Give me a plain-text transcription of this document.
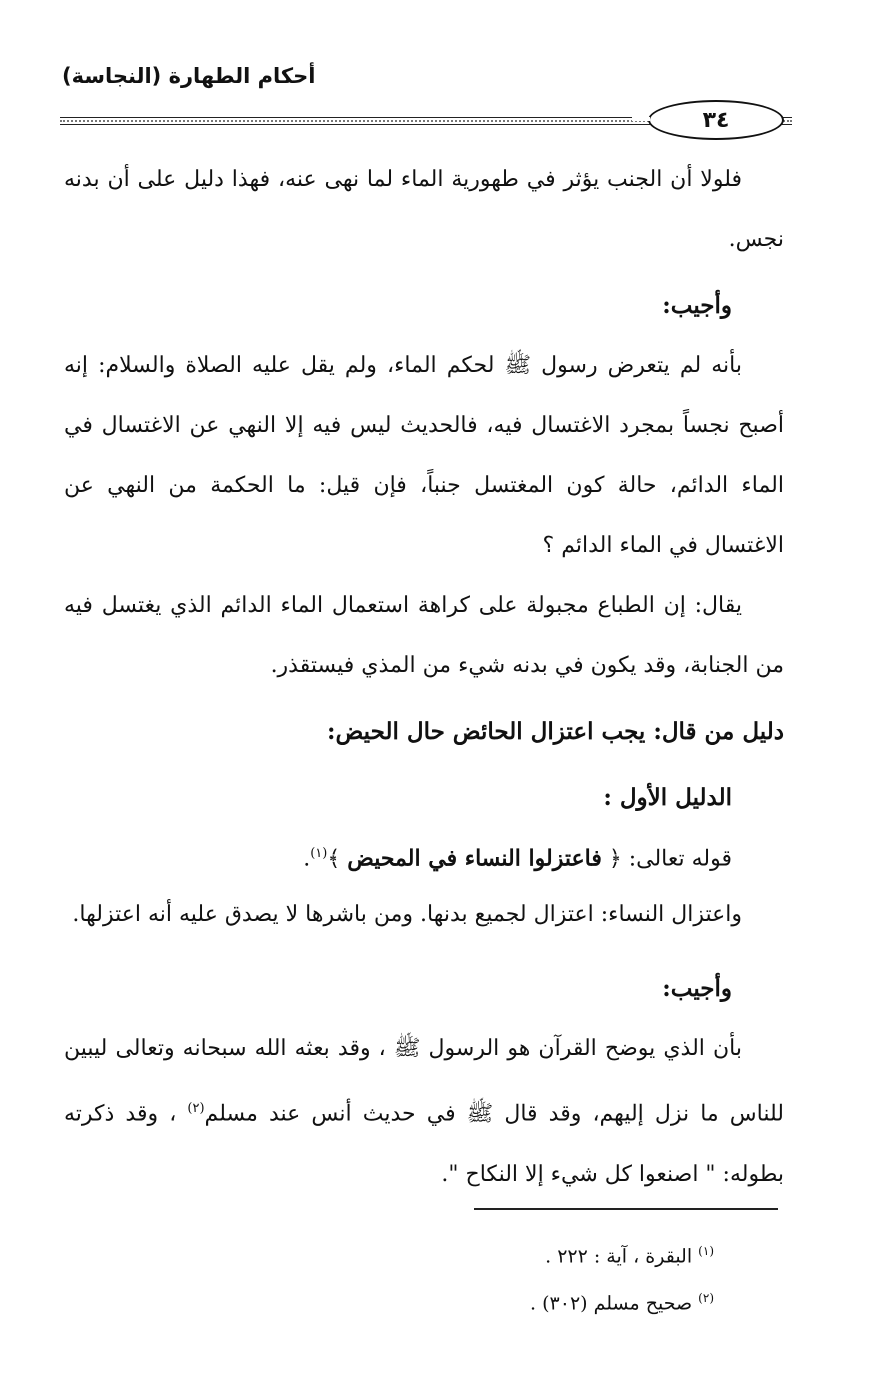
أحكام الطهارة (النجاسة)
٣٤

فلولا أن الجنب يؤثر في طهورية الماء لما نهى عنه، فهذا دليل على أن بدنه نجس.

وأجيب:

بأنه لم يتعرض رسول ﷺ لحكم الماء، ولم يقل عليه الصلاة والسلام: إنه أصبح نجساً بمجرد الاغتسال فيه، فالحديث ليس فيه إلا النهي عن الاغتسال في الماء الدائم، حالة كون المغتسل جنباً، فإن قيل: ما الحكمة من النهي عن الاغتسال في الماء الدائم ؟

يقال: إن الطباع مجبولة على كراهة استعمال الماء الدائم الذي يغتسل فيه من الجنابة، وقد يكون في بدنه شيء من المذي فيستقذر.

دليل من قال: يجب اعتزال الحائض حال الحيض:

الدليل الأول :

قوله تعالى: ﴿ فاعتزلوا النساء في المحيض ﴾$^{(١)}$.

واعتزال النساء: اعتزال لجميع بدنها. ومن باشرها لا يصدق عليه أنه اعتزلها.

وأجيب:

بأن الذي يوضح القرآن هو الرسول ﷺ ، وقد بعثه الله سبحانه وتعالى ليبين للناس ما نزل إليهم، وقد قال ﷺ في حديث أنس عند مسلم$^{(٢)}$ ، وقد ذكرته بطوله: " اصنعوا كل شيء إلا النكاح ".

$^{(١)}$ البقرة ، آية : ٢٢٢ .

$^{(٢)}$ صحيح مسلم (٣٠٢) .
